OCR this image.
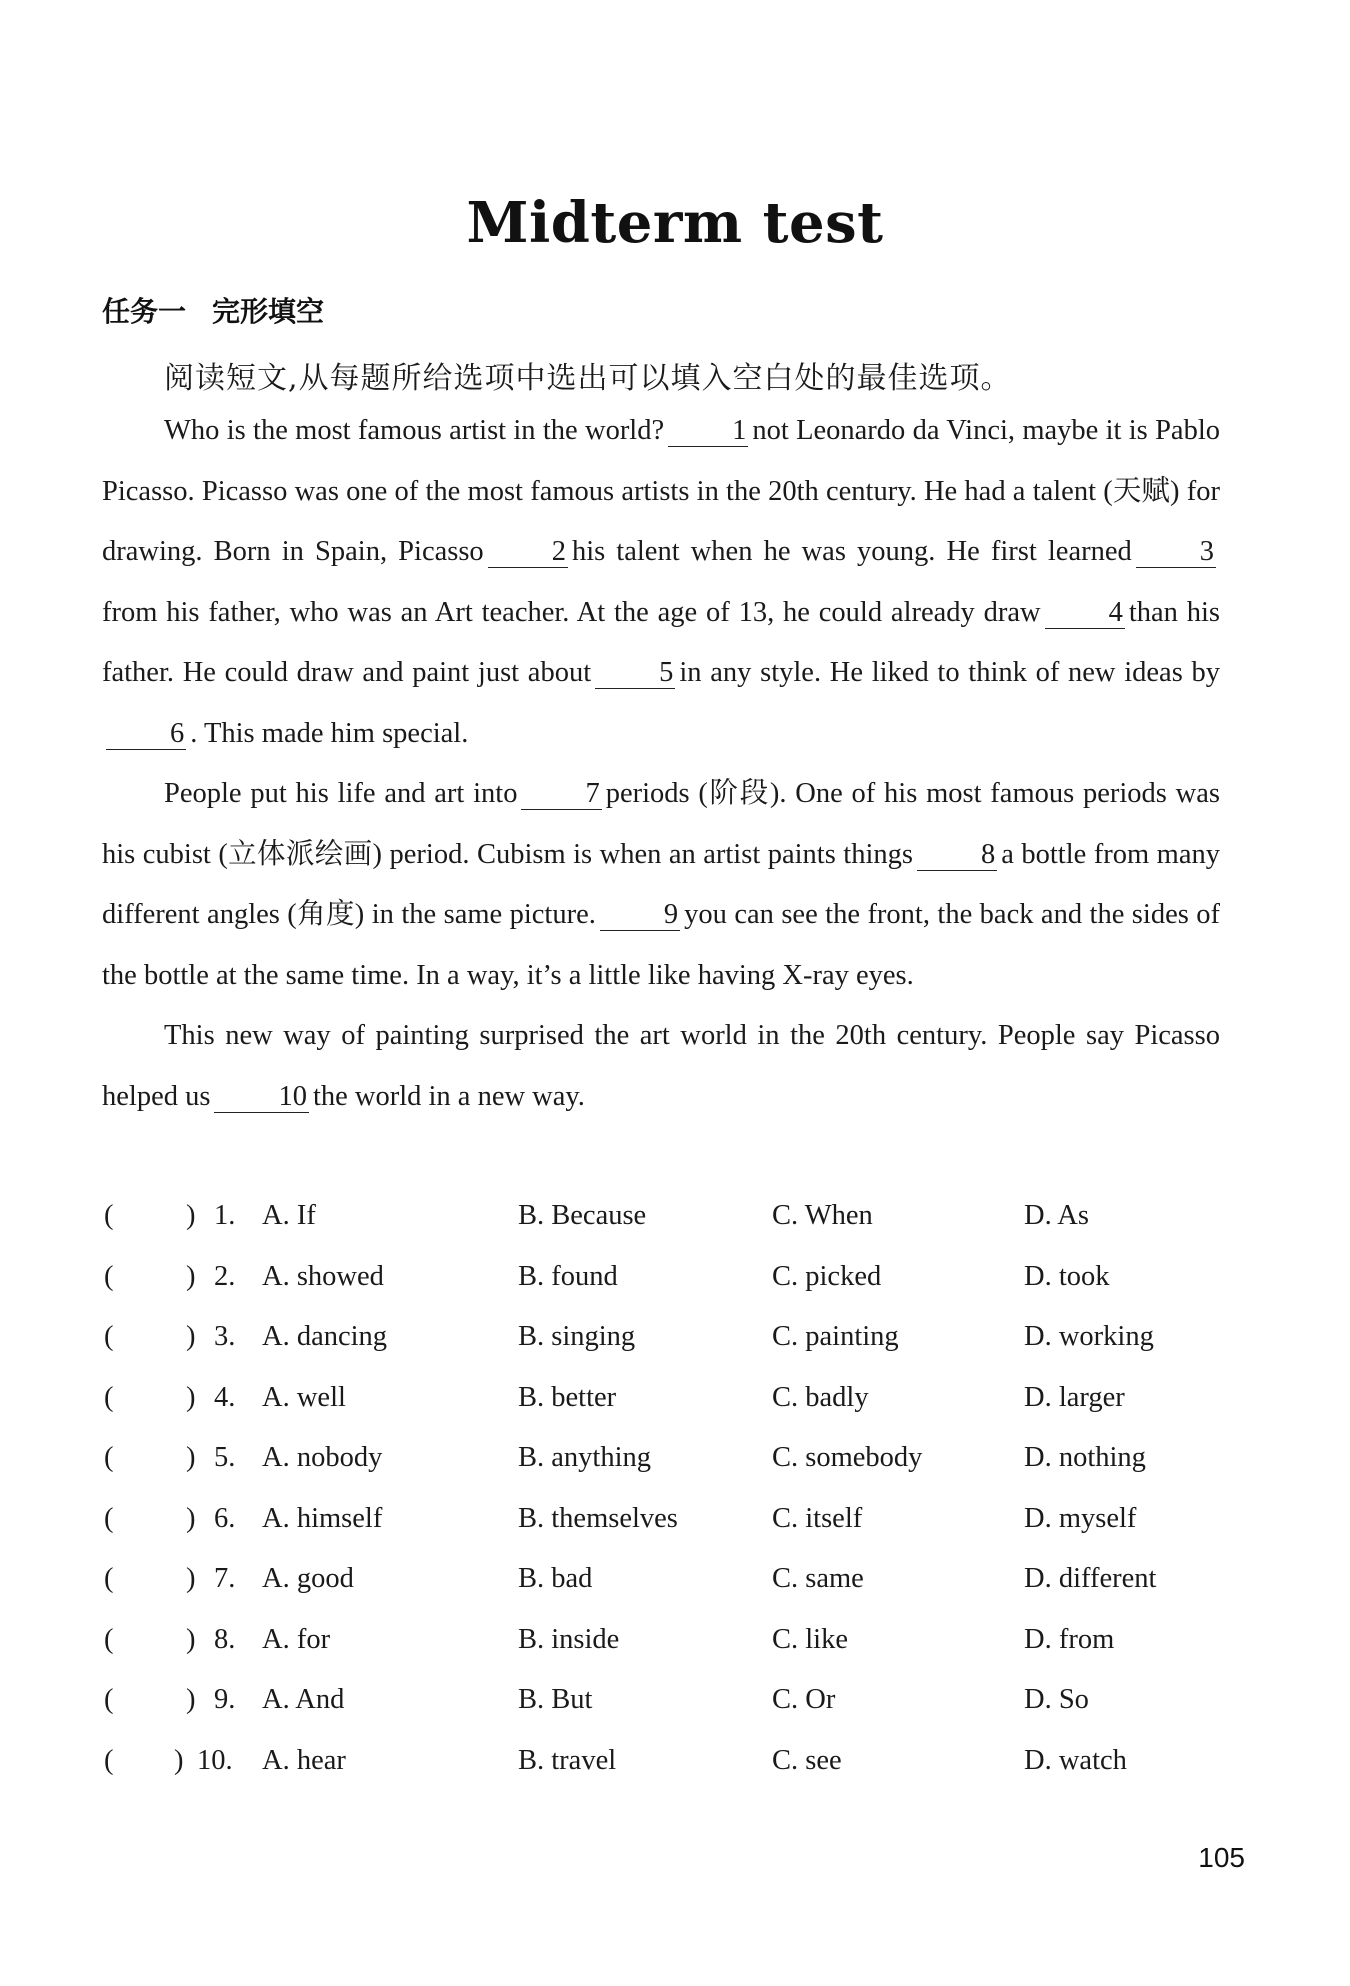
Midterm test
任务一 完形填空
阅读短文,从每题所给选项中选出可以填入空白处的最佳选项。

Who is the most famous artist in the world? 1 not Leonardo da Vinci, maybe it is Pablo Picasso. Picasso was one of the most famous artists in the 20th century. He had a talent (天赋) for drawing. Born in Spain, Picasso 2 his talent when he was young. He first learned 3from his father, who was an Art teacher. At the age of 13, he could already draw 4 than his father. He could draw and paint just about 5 in any style. He liked to think of new ideas by6 . This made him special.

People put his life and art into 7 periods (阶段). One of his most famous periods was his cubist (立体派绘画) period. Cubism is when an artist paints things 8 a bottle from many different angles (角度) in the same picture. 9 you can see the front, the back and the sides of the bottle at the same time. In a way, it’s a little like having X-ray eyes.

This new way of painting surprised the art world in the 20th century. People say Picasso helped us 10 the world in a new way.

(	) 1. A. If	B. Because	C. When	D. As
(	) 2. A. showed	B. found	C. picked	D. took
(	) 3. A. dancing	B. singing	C. painting	D. working
(	) 4. A. well	B. better	C. badly	D. larger
(	) 5. A. nobody	B. anything	C. somebody	D. nothing
(	) 6. A. himself	B. themselves	C. itself	D. myself
(	) 7. A. good	B. bad	C. same	D. different
(	) 8. A. for	B. inside	C. like	D. from
(	) 9. A. And	B. But	C. Or	D. So
( ) 10. A. hear	B. travel	C. see	D. watch
105
